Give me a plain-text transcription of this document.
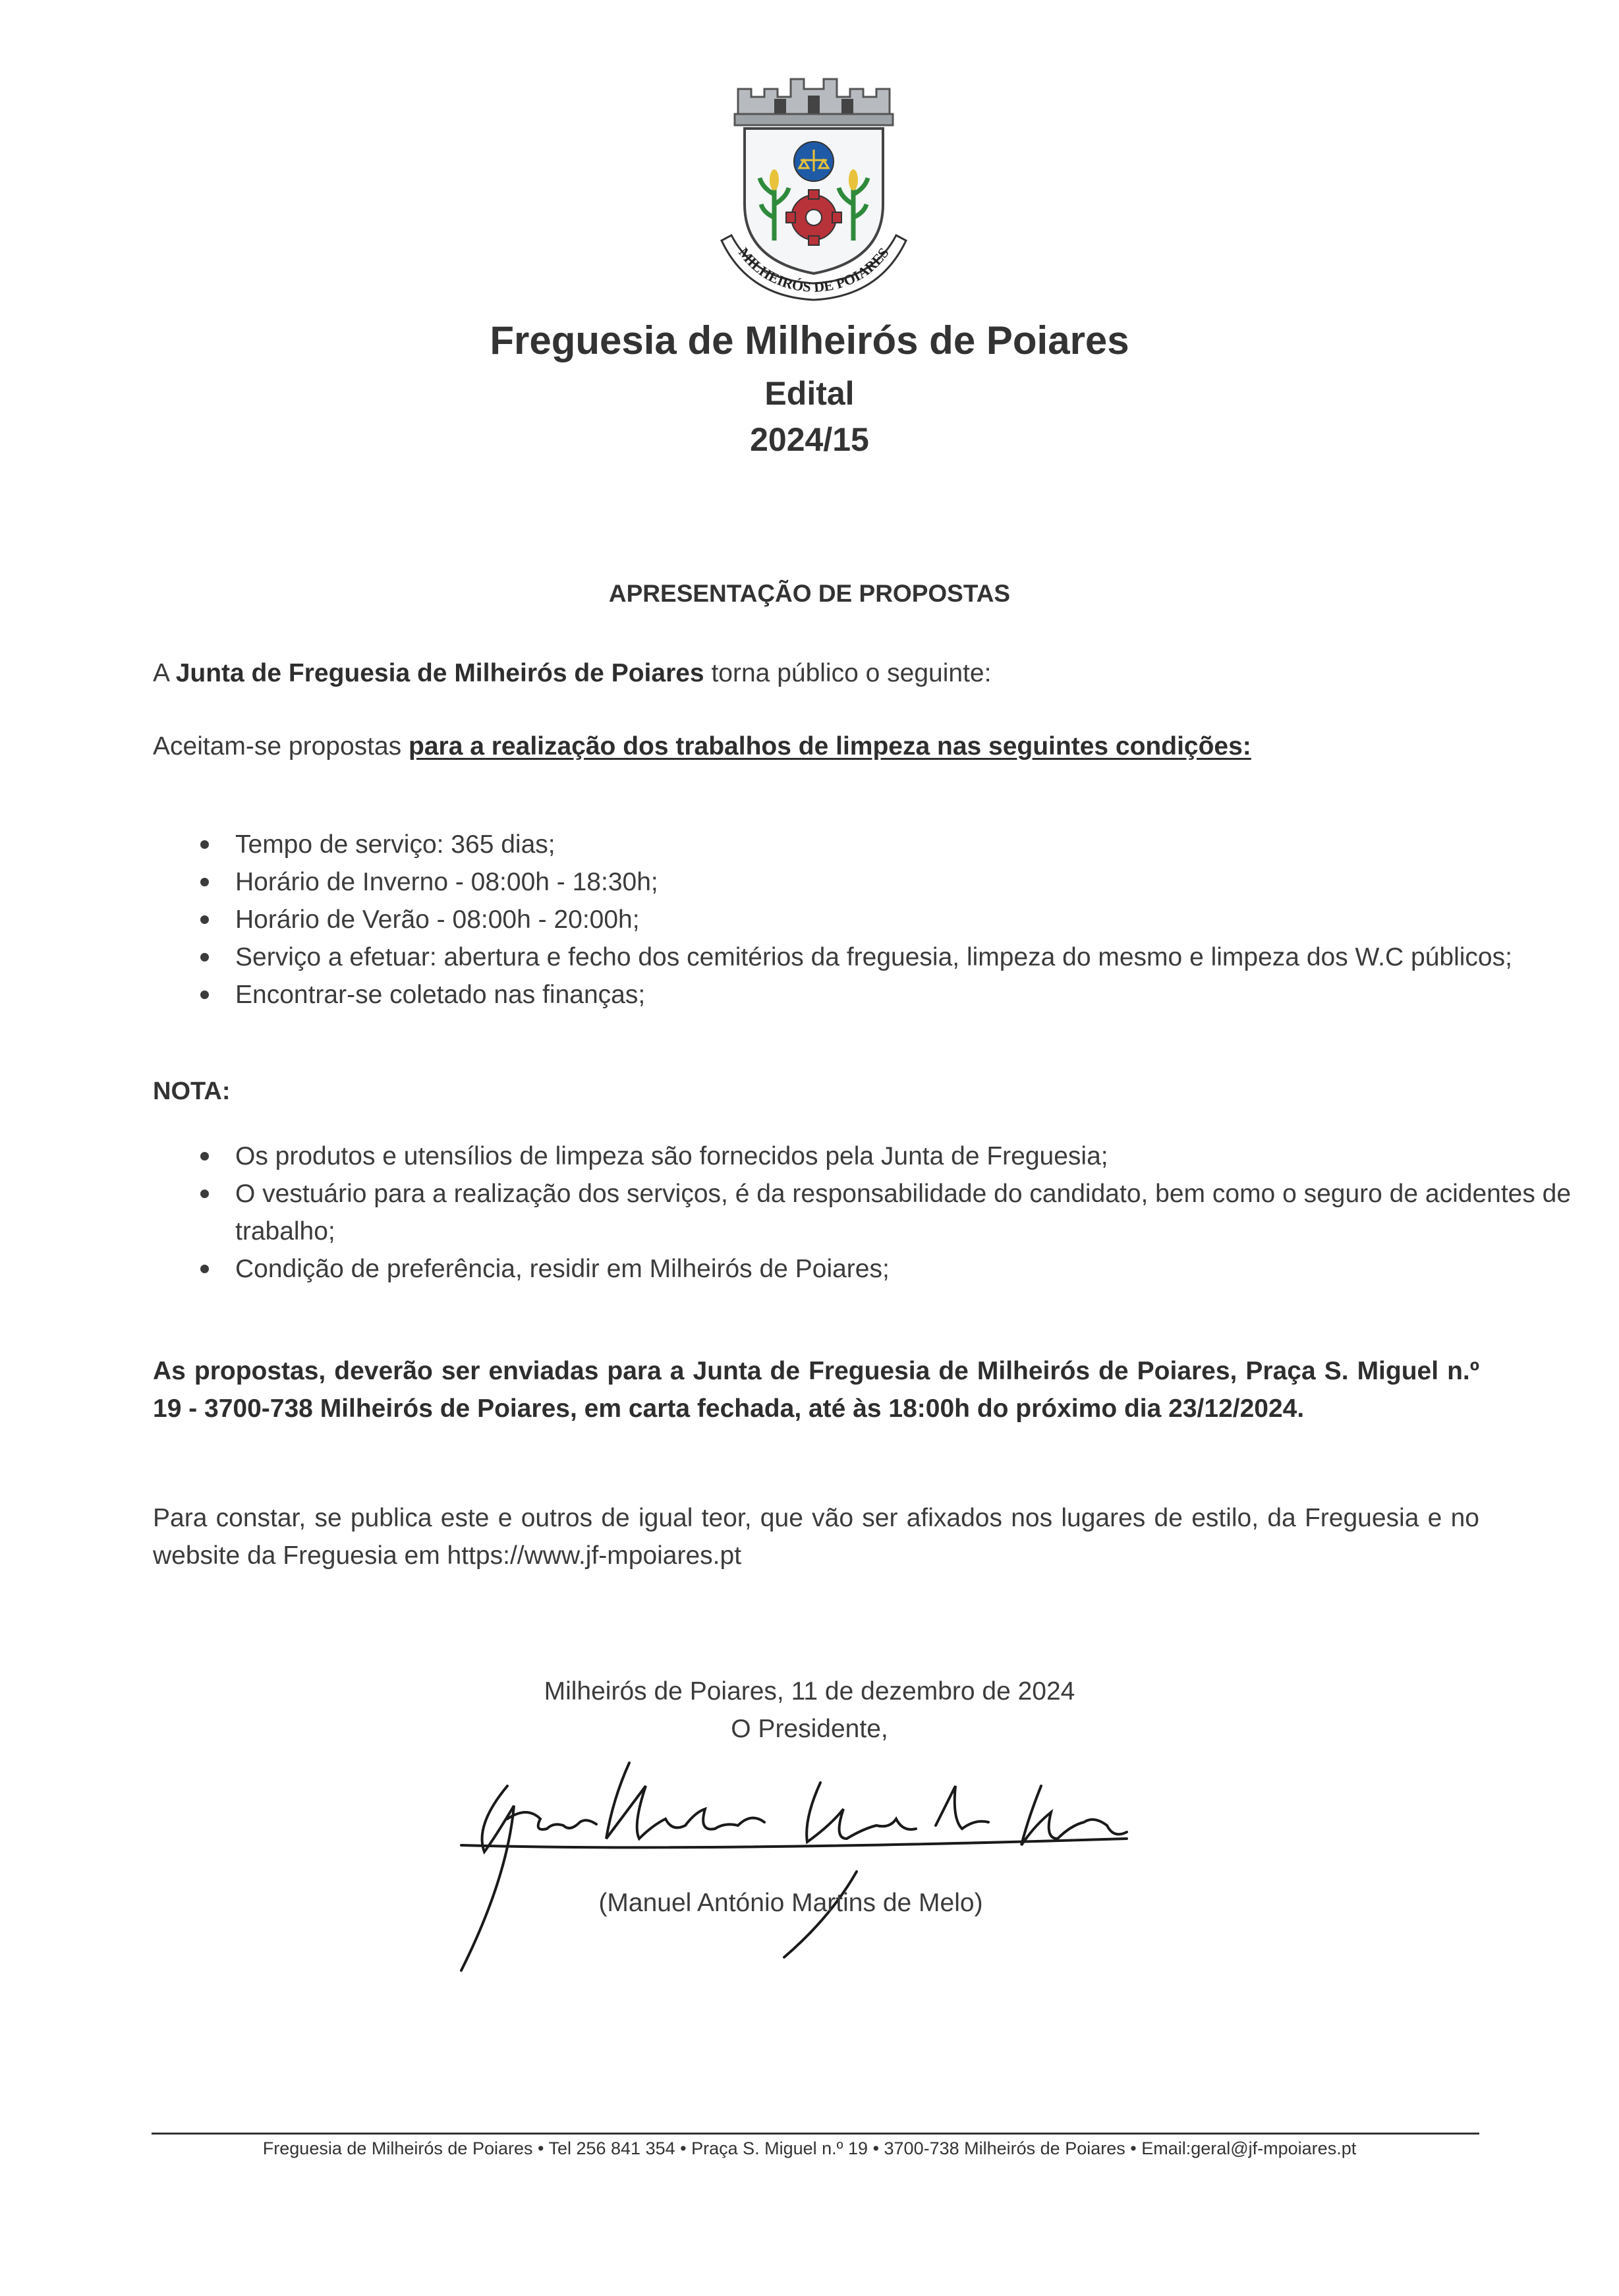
MILHEIRÓS DE POIARES
Freguesia de Milheirós de Poiares
Edital
2024/15
APRESENTAÇÃO DE PROPOSTAS
A Junta de Freguesia de Milheirós de Poiares torna público o seguinte:
Aceitam-se propostas para a realização dos trabalhos de limpeza nas seguintes condições:
Tempo de serviço: 365 dias;
Horário de Inverno - 08:00h - 18:30h;
Horário de Verão - 08:00h - 20:00h;
Serviço a efetuar: abertura e fecho dos cemitérios da freguesia, limpeza do mesmo e limpeza dos W.C públicos;
Encontrar-se coletado nas finanças;
NOTA:
Os produtos e utensílios de limpeza são fornecidos pela Junta de Freguesia;
O vestuário para a realização dos serviços, é da responsabilidade do candidato, bem como o seguro de acidentes de trabalho;
Condição de preferência, residir em Milheirós de Poiares;
As propostas, deverão ser enviadas para a Junta de Freguesia de Milheirós de Poiares, Praça S. Miguel n.º 19 - 3700-738 Milheirós de Poiares, em carta fechada, até às 18:00h do próximo dia 23/12/2024.
Para constar, se publica este e outros de igual teor, que vão ser afixados nos lugares de estilo, da Freguesia e no website da Freguesia em https://www.jf-mpoiares.pt
Milheirós de Poiares, 11 de dezembro de 2024
O Presidente,
(Manuel António Martins de Melo)
Freguesia de Milheirós de Poiares • Tel 256 841 354 • Praça S. Miguel n.º 19 • 3700-738 Milheirós de Poiares • Email:geral@jf-mpoiares.pt
